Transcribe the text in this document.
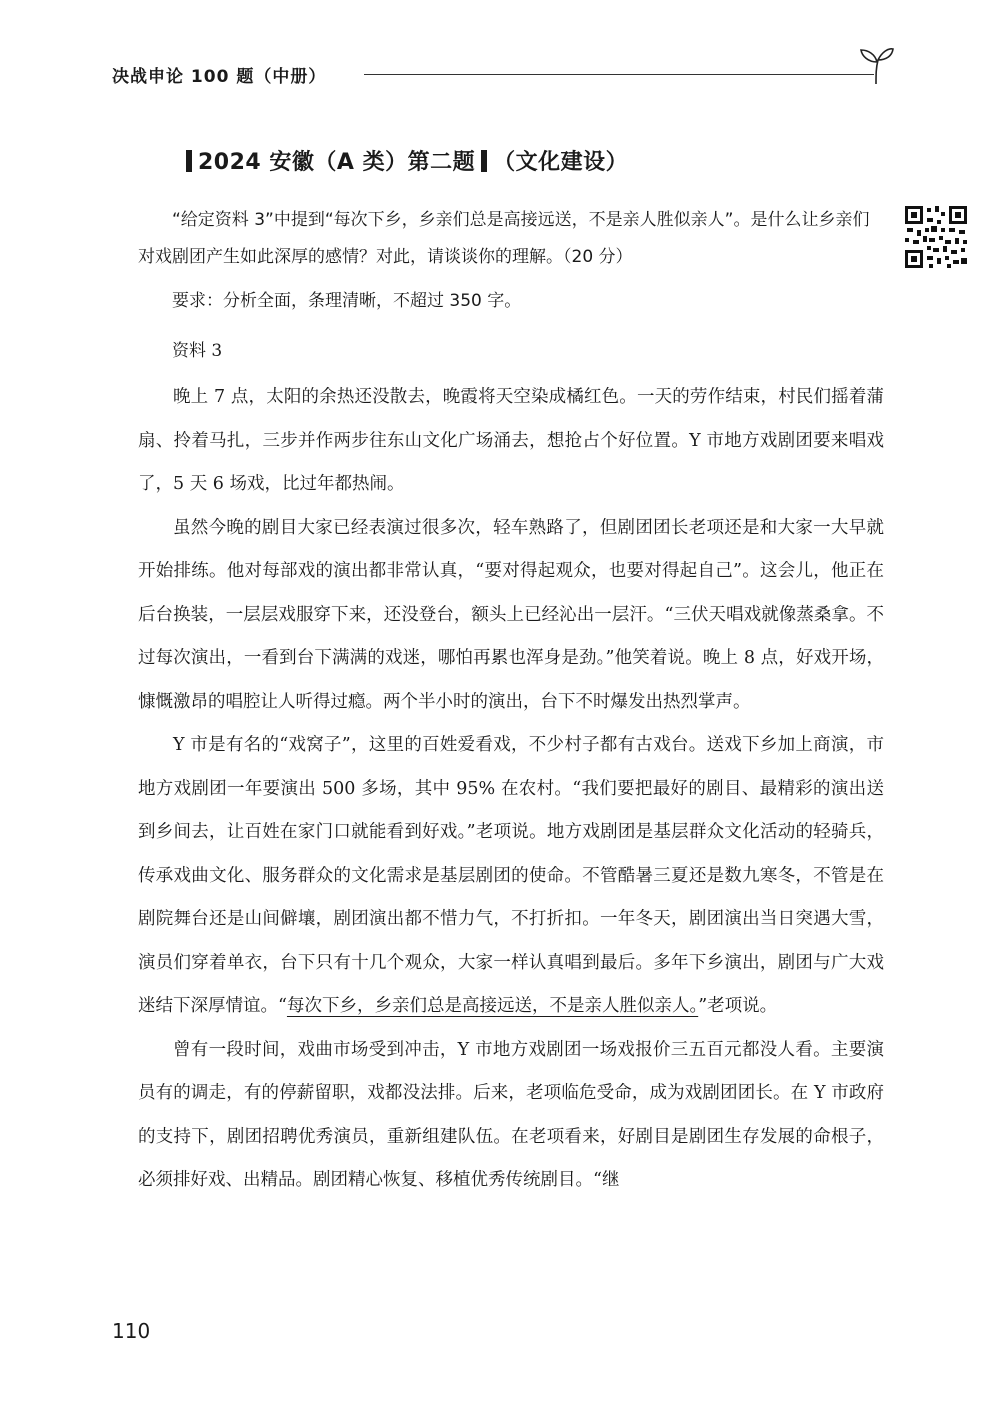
决战申论 100 题（中册）
2024 安徽（A 类）第二题 （文化建设）

“给定资料 3”中提到“每次下乡，乡亲们总是高接远送，不是亲人胜似亲人”。是什么让乡亲们对戏剧团产生如此深厚的感情？对此，请谈谈你的理解。（20 分）

要求：分析全面，条理清晰，不超过 350 字。

资料 3

晚上 7 点，太阳的余热还没散去，晚霞将天空染成橘红色。一天的劳作结束，村民们摇着蒲扇、拎着马扎，三步并作两步往东山文化广场涌去，想抢占个好位置。Y 市地方戏剧团要来唱戏了，5 天 6 场戏，比过年都热闹。

虽然今晚的剧目大家已经表演过很多次，轻车熟路了，但剧团团长老项还是和大家一大早就开始排练。他对每部戏的演出都非常认真，“要对得起观众，也要对得起自己”。这会儿，他正在后台换装，一层层戏服穿下来，还没登台，额头上已经沁出一层汗。“三伏天唱戏就像蒸桑拿。不过每次演出，一看到台下满满的戏迷，哪怕再累也浑身是劲。”他笑着说。晚上 8 点，好戏开场，慷慨激昂的唱腔让人听得过瘾。两个半小时的演出，台下不时爆发出热烈掌声。

Y 市是有名的“戏窝子”，这里的百姓爱看戏，不少村子都有古戏台。送戏下乡加上商演，市地方戏剧团一年要演出 500 多场，其中 95% 在农村。“我们要把最好的剧目、最精彩的演出送到乡间去，让百姓在家门口就能看到好戏。”老项说。地方戏剧团是基层群众文化活动的轻骑兵，传承戏曲文化、服务群众的文化需求是基层剧团的使命。不管酷暑三夏还是数九寒冬，不管是在剧院舞台还是山间僻壤，剧团演出都不惜力气，不打折扣。一年冬天，剧团演出当日突遇大雪，演员们穿着单衣，台下只有十几个观众，大家一样认真唱到最后。多年下乡演出，剧团与广大戏迷结下深厚情谊。“每次下乡，乡亲们总是高接远送，不是亲人胜似亲人。”老项说。

曾有一段时间，戏曲市场受到冲击，Y 市地方戏剧团一场戏报价三五百元都没人看。主要演员有的调走，有的停薪留职，戏都没法排。后来，老项临危受命，成为戏剧团团长。在 Y 市政府的支持下，剧团招聘优秀演员，重新组建队伍。在老项看来，好剧目是剧团生存发展的命根子，必须排好戏、出精品。剧团精心恢复、移植优秀传统剧目。“继

110
